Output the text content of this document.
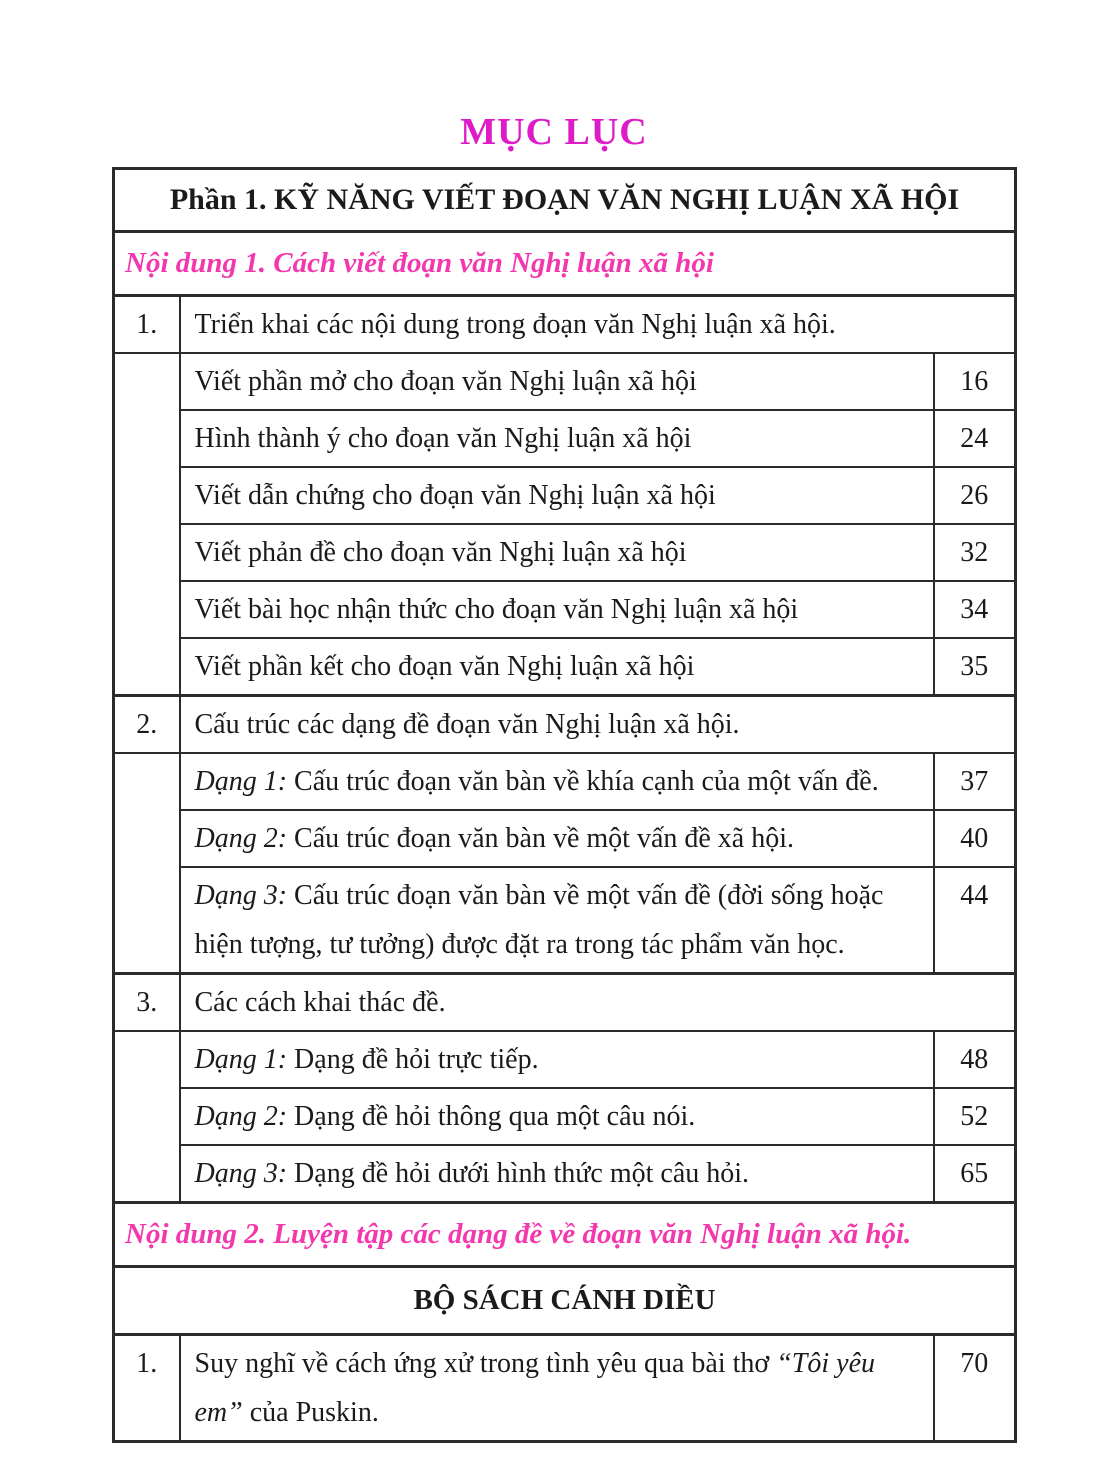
MỤC LỤC
Phần 1. KỸ NĂNG VIẾT ĐOẠN VĂN NGHỊ LUẬN XÃ HỘI		
Nội dung 1. Cách viết đoạn văn Nghị luận xã hội		
1.	Triển khai các nội dung trong đoạn văn Nghị luận xã hội.	
	Viết phần mở cho đoạn văn Nghị luận xã hội	16
	Hình thành ý cho đoạn văn Nghị luận xã hội	24
	Viết dẫn chứng cho đoạn văn Nghị luận xã hội	26
	Viết phản đề cho đoạn văn Nghị luận xã hội	32
	Viết bài học nhận thức cho đoạn văn Nghị luận xã hội	34
	Viết phần kết cho đoạn văn Nghị luận xã hội	35
2.	Cấu trúc các dạng đề đoạn văn Nghị luận xã hội.	
	Dạng 1: Cấu trúc đoạn văn bàn về khía cạnh của một vấn đề.	37
	Dạng 2: Cấu trúc đoạn văn bàn về một vấn đề xã hội.	40
	Dạng 3: Cấu trúc đoạn văn bàn về một vấn đề (đời sống hoặc hiện tượng, tư tưởng) được đặt ra trong tác phẩm văn học.	44
3.	Các cách khai thác đề.	
	Dạng 1: Dạng đề hỏi trực tiếp.	48
	Dạng 2: Dạng đề hỏi thông qua một câu nói.	52
	Dạng 3: Dạng đề hỏi dưới hình thức một câu hỏi.	65
Nội dung 2. Luyện tập các dạng đề về đoạn văn Nghị luận xã hội.		
BỘ SÁCH CÁNH DIỀU		
1.	Suy nghĩ về cách ứng xử trong tình yêu qua bài thơ “Tôi yêu em” của Puskin.	70
